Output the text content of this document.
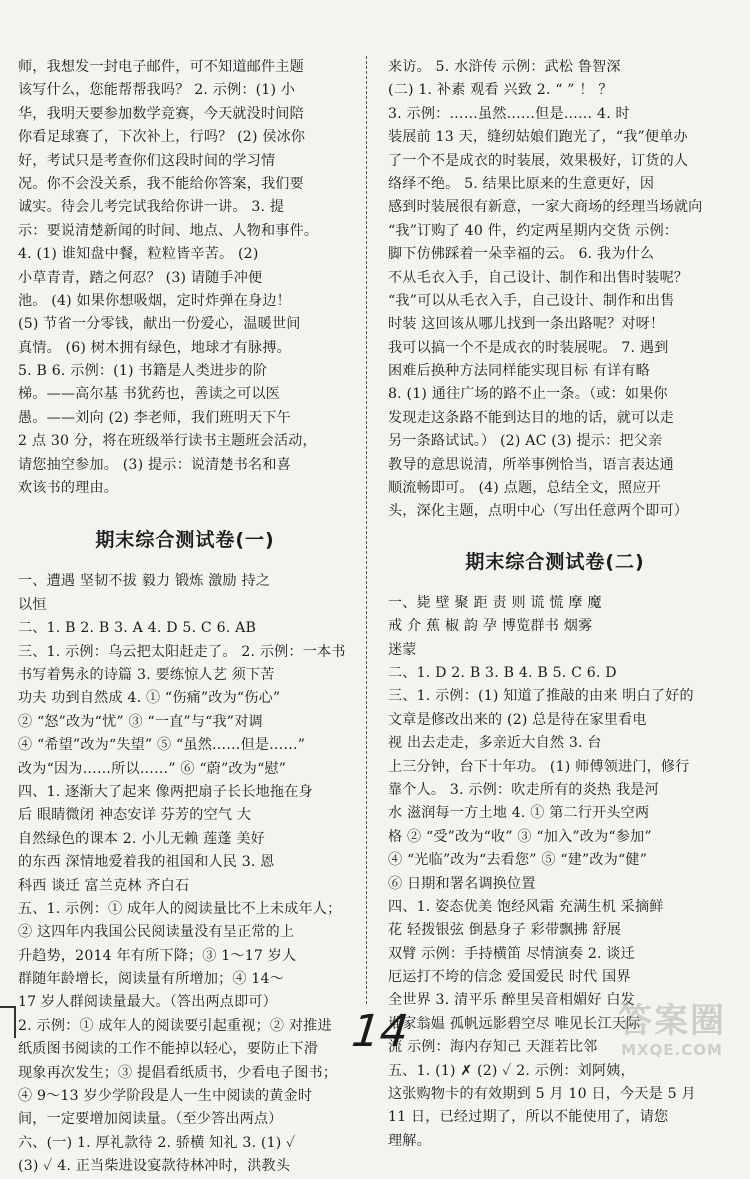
师，我想发一封电子邮件，可不知道邮件主题
该写什么，您能帮帮我吗？ 2. 示例：(1) 小
华，我明天要参加数学竞赛，今天就没时间陪
你看足球赛了，下次补上，行吗？ (2) 侯冰你
好，考试只是考查你们这段时间的学习情
况。你不会没关系，我不能给你答案，我们要
诚实。待会儿考完试我给你讲一讲。 3. 提
示：要说清楚新闻的时间、地点、人物和事件。
4. (1) 谁知盘中餐，粒粒皆辛苦。 (2)
小草青青，踏之何忍？ (3) 请随手冲便
池。 (4) 如果你想吸烟，定时炸弹在身边！
(5) 节省一分零钱，献出一份爱心，温暖世间
真情。 (6) 树木拥有绿色，地球才有脉搏。
5. B 6. 示例：(1) 书籍是人类进步的阶
梯。——高尔基 书犹药也，善读之可以医
愚。——刘向 (2) 李老师，我们班明天下午
2 点 30 分，将在班级举行读书主题班会活动，
请您抽空参加。 (3) 提示：说清楚书名和喜
欢该书的理由。
期末综合测试卷(一)
一、遭遇 坚韧不拔 毅力 锻炼 激励 持之
以恒
二、1. B 2. B 3. A 4. D 5. C 6. AB
三、1. 示例：乌云把太阳赶走了。 2. 示例：一本书
书写着隽永的诗篇 3. 要练惊人艺 须下苦
功夫 功到自然成 4. ① “伤痛”改为“伤心”
② “怒”改为“忧” ③ “一直”与“我”对调
④ “希望”改为“失望” ⑤ “虽然……但是……”
改为“因为……所以……” ⑥ “蔚”改为“慰”
四、1. 逐渐大了起来 像两把扇子长长地拖在身
后 眼睛微闭 神态安详 芬芳的空气 大
自然绿色的课本 2. 小儿无赖 莲蓬 美好
的东西 深情地爱着我的祖国和人民 3. 恩
科西 谈迁 富兰克林 齐白石
五、1. 示例：① 成年人的阅读量比不上未成年人；
② 这四年内我国公民阅读量没有呈正常的上
升趋势，2014 年有所下降；③ 1～17 岁人
群随年龄增长，阅读量有所增加；④ 14～
17 岁人群阅读量最大。（答出两点即可）
2. 示例：① 成年人的阅读要引起重视；② 对推进
纸质图书阅读的工作不能掉以轻心，要防止下滑
现象再次发生；③ 提倡看纸质书，少看电子图书；
④ 9～13 岁少学阶段是人一生中阅读的黄金时
间，一定要增加阅读量。（至少答出两点）
六、(一) 1. 厚礼款待 2. 骄横 知礼 3. (1) ✓
(3) ✓ 4. 正当柴进设宴款待林冲时，洪教头
来访。 5. 水浒传 示例：武松 鲁智深
(二) 1. 补素 观看 兴致 2. “ ” ！ ？
3. 示例：……虽然……但是…… 4. 时
装展前 13 天，缝纫姑娘们跑光了，“我”便单办
了一个不是成衣的时装展，效果极好，订货的人
络绎不绝。 5. 结果比原来的生意更好，因
感到时装展很有新意，一家大商场的经理当场就向
“我”订购了 40 件，约定两星期内交货 示例：
脚下仿佛踩着一朵幸福的云。 6. 我为什么
不从毛衣入手，自己设计、制作和出售时装呢？
“我”可以从毛衣入手，自己设计、制作和出售
时装 这回该从哪儿找到一条出路呢？对呀！
我可以搞一个不是成衣的时装展呢。 7. 遇到
困难后换种方法同样能实现目标 有详有略
8. (1) 通往广场的路不止一条。（或：如果你
发现走这条路不能到达目的地的话，就可以走
另一条路试试。） (2) AC (3) 提示：把父亲
教导的意思说清，所举事例恰当，语言表达通
顺流畅即可。 (4) 点题，总结全文，照应开
头，深化主题，点明中心（写出任意两个即可）
期末综合测试卷(二)
一、毙 壁 聚 距 责 则 谎 慌 摩 魔
戒 介 蕉 椒 韵 孕 博览群书 烟雾
迷蒙
二、1. D 2. B 3. B 4. B 5. C 6. D
三、1. 示例：(1) 知道了推敲的由来 明白了好的
文章是修改出来的 (2) 总是待在家里看电
视 出去走走，多亲近大自然 3. 台
上三分钟，台下十年功。 (1) 师傅领进门，修行
靠个人。 3. 示例：吹走所有的炎热 我是河
水 滋润每一方土地 4. ① 第二行开头空两
格 ② “受”改为“收” ③ “加入”改为“参加”
④ “光临”改为“去看您” ⑤ “建”改为“健”
⑥ 日期和署名调换位置
四、1. 姿态优美 饱经风霜 充满生机 采摘鲜
花 轻拨银弦 倒悬身子 彩带飘拂 舒展
双臂 示例：手持横笛 尽情演奏 2. 谈迁
厄运打不垮的信念 爱国爱民 时代 国界
全世界 3. 清平乐 醉里吴音相媚好 白发
谁家翁媪 孤帆远影碧空尽 唯见长江天际
流 示例：海内存知己 天涯若比邻
五、1. (1) ✗ (2) ✓ 2. 示例：刘阿姨，
这张购物卡的有效期到 5 月 10 日，今天是 5 月
11 日，已经过期了，所以不能使用了，请您
理解。
14	答案圈
MXQE.COM
